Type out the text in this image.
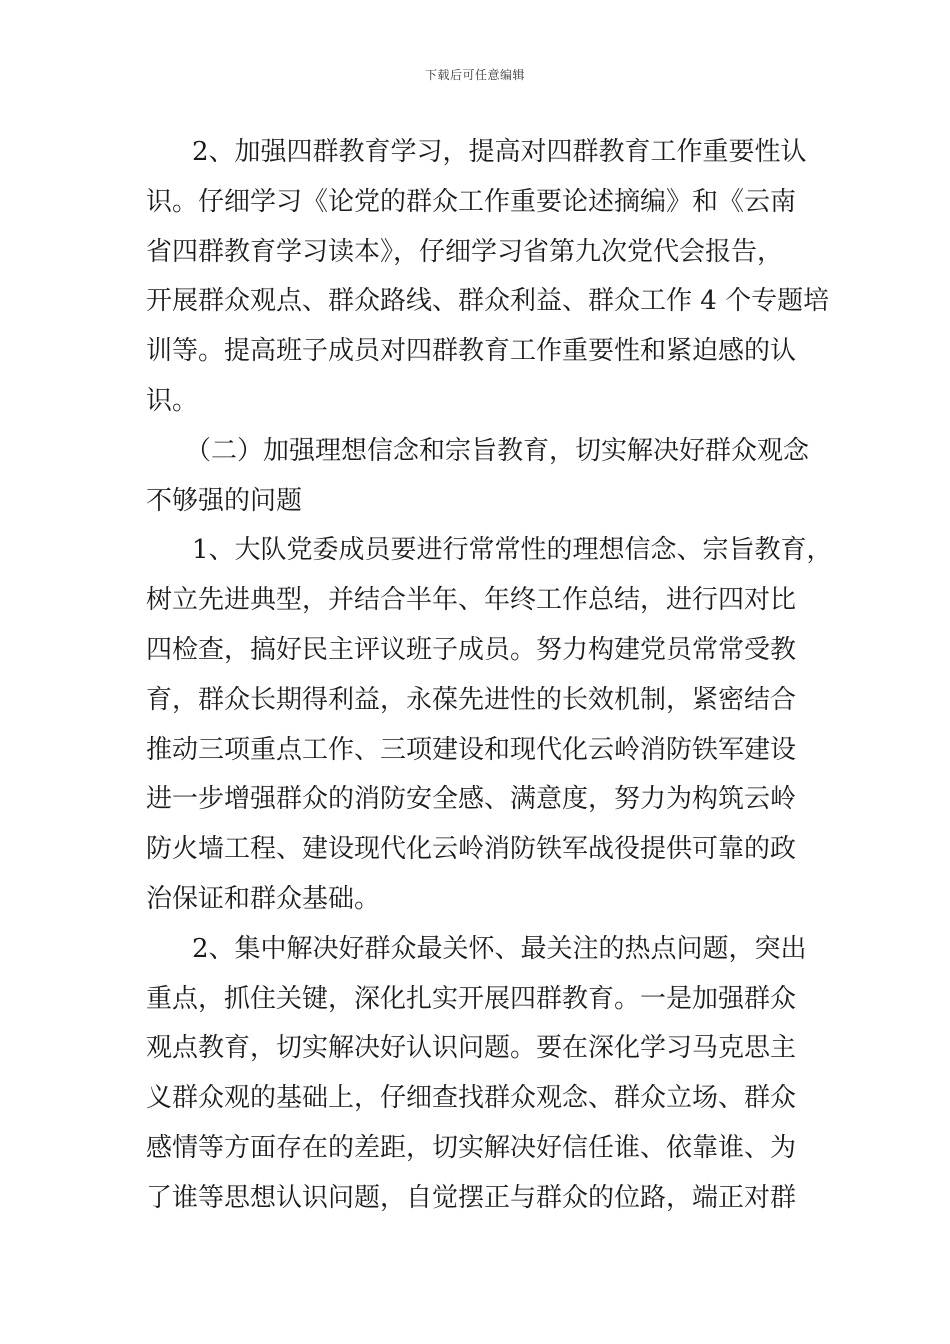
下载后可任意编辑
　2、加强四群教育学习，提高对四群教育工作重要性认
识。仔细学习《论党的群众工作重要论述摘编》和《云南
省四群教育学习读本》，仔细学习省第九次党代会报告，
开展群众观点、群众路线、群众利益、群众工作 4 个专题培
训等。提高班子成员对四群教育工作重要性和紧迫感的认
识。
　（二）加强理想信念和宗旨教育，切实解决好群众观念
不够强的问题
　1、大队党委成员要进行常常性的理想信念、宗旨教育，
树立先进典型，并结合半年、年终工作总结，进行四对比
四检查，搞好民主评议班子成员。努力构建党员常常受教
育，群众长期得利益，永葆先进性的长效机制，紧密结合
推动三项重点工作、三项建设和现代化云岭消防铁军建设
进一步增强群众的消防安全感、满意度，努力为构筑云岭
防火墙工程、建设现代化云岭消防铁军战役提供可靠的政
治保证和群众基础。
　2、集中解决好群众最关怀、最关注的热点问题，突出
重点，抓住关键，深化扎实开展四群教育。一是加强群众
观点教育，切实解决好认识问题。要在深化学习马克思主
义群众观的基础上，仔细查找群众观念、群众立场、群众
感情等方面存在的差距，切实解决好信任谁、依靠谁、为
了谁等思想认识问题，自觉摆正与群众的位路，端正对群
